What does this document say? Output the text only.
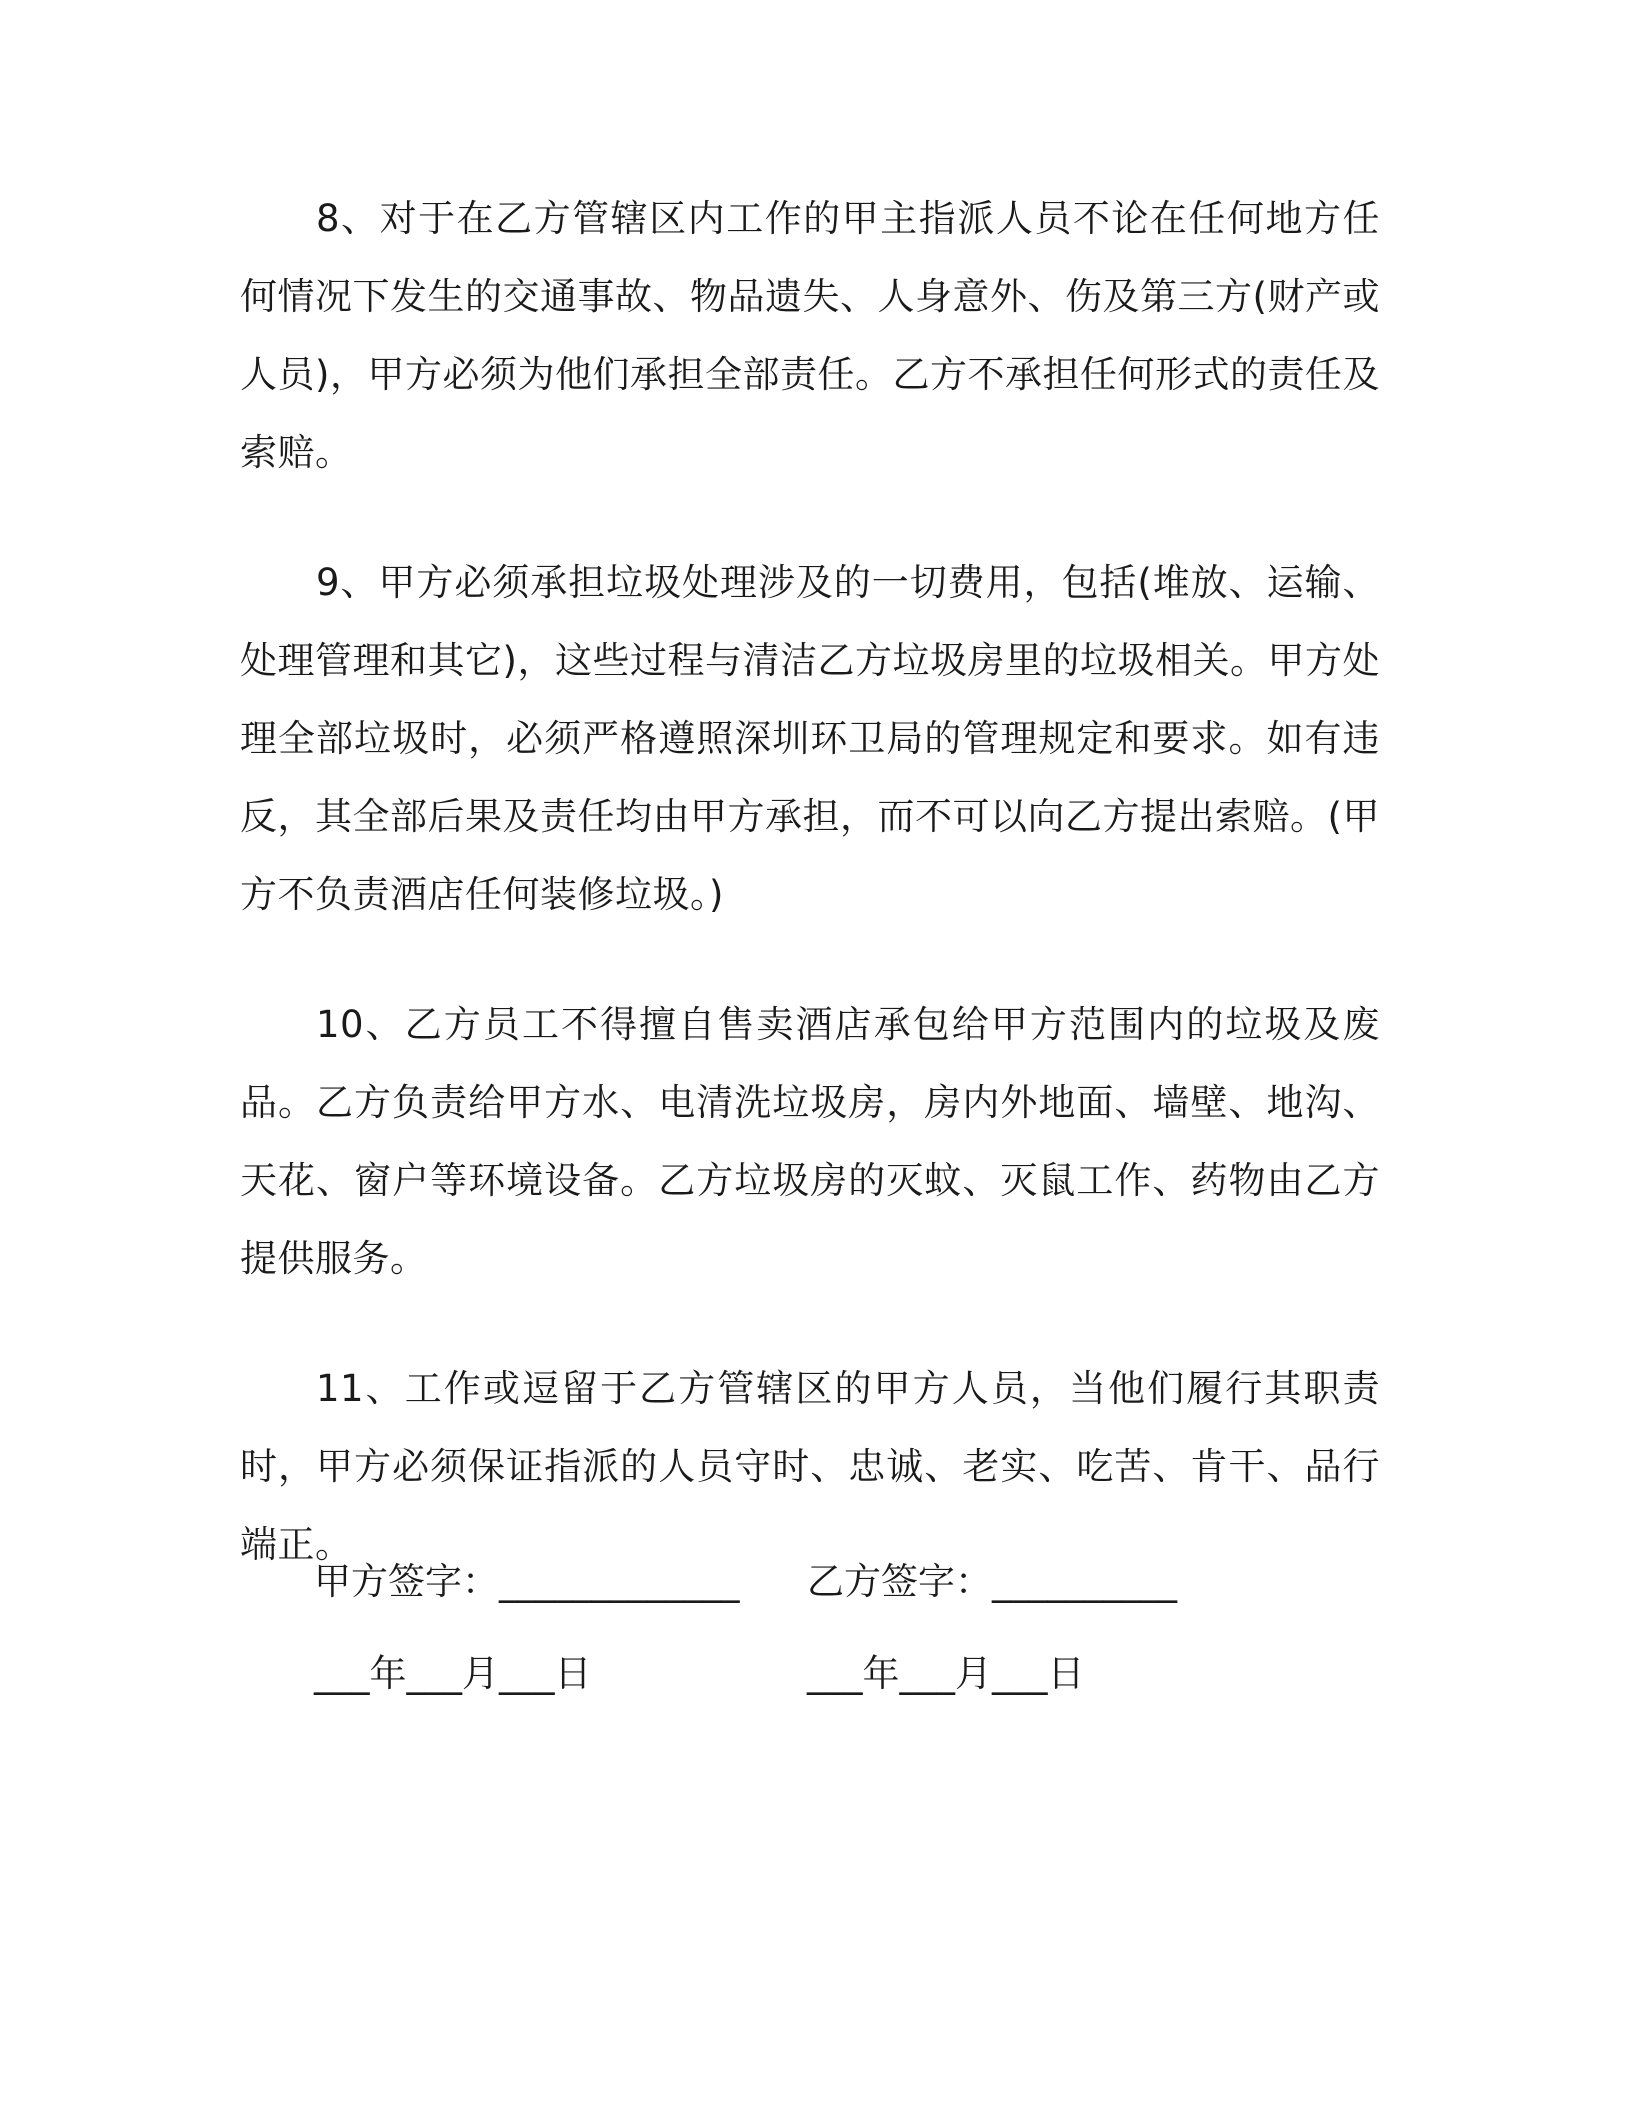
8、对于在乙方管辖区内工作的甲主指派人员不论在任何地方任何情况下发生的交通事故、物品遗失、人身意外、伤及第三方(财产或人员)，甲方必须为他们承担全部责任。乙方不承担任何形式的责任及索赔。

9、甲方必须承担垃圾处理涉及的一切费用，包括(堆放、运输、处理管理和其它)，这些过程与清洁乙方垃圾房里的垃圾相关。甲方处理全部垃圾时，必须严格遵照深圳环卫局的管理规定和要求。如有违反，其全部后果及责任均由甲方承担，而不可以向乙方提出索赔。(甲方不负责酒店任何装修垃圾。)

10、乙方员工不得擅自售卖酒店承包给甲方范围内的垃圾及废品。乙方负责给甲方水、电清洗垃圾房，房内外地面、墙壁、地沟、天花、窗户等环境设备。乙方垃圾房的灭蚊、灭鼠工作、药物由乙方提供服务。

11、工作或逗留于乙方管辖区的甲方人员，当他们履行其职责时，甲方必须保证指派的人员守时、忠诚、老实、吃苦、肯干、品行端正。

甲方签字：_____________	乙方签字：__________
___年___月___日	___年___月___日
